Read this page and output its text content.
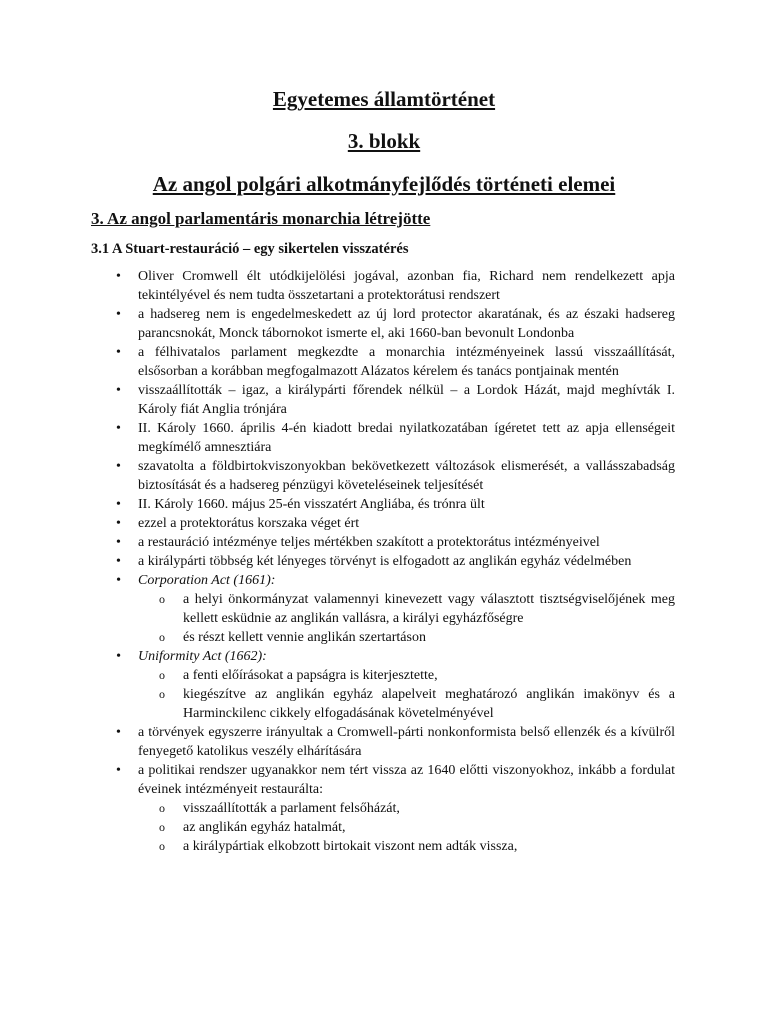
Egyetemes államtörténet
3. blokk
Az angol polgári alkotmányfejlődés történeti elemei
3. Az angol parlamentáris monarchia létrejötte
3.1 A Stuart-restauráció – egy sikertelen visszatérés
• Oliver Cromwell élt utódkijelölési jogával, azonban fia, Richard nem rendelkezett apja tekintélyével és nem tudta összetartani a protektorátusi rendszert
• a hadsereg nem is engedelmeskedett az új lord protector akaratának, és az északi hadsereg parancsnokát, Monck tábornokot ismerte el, aki 1660-ban bevonult Londonba
• a félhivatalos parlament megkezdte a monarchia intézményeinek lassú visszaállítását, elsősorban a korábban megfogalmazott Alázatos kérelem és tanács pontjainak mentén
• visszaállították – igaz, a királypárti főrendek nélkül – a Lordok Házát, majd meghívták I. Károly fiát Anglia trónjára
• II. Károly 1660. április 4-én kiadott bredai nyilatkozatában ígéretet tett az apja ellenségeit megkímélő amnesztiára
• szavatolta a földbirtokviszonyokban bekövetkezett változások elismerését, a vallásszabadság biztosítását és a hadsereg pénzügyi követeléseinek teljesítését
• II. Károly 1660. május 25-én visszatért Angliába, és trónra ült
• ezzel a protektorátus korszaka véget ért
• a restauráció intézménye teljes mértékben szakított a protektorátus intézményeivel
• a királypárti többség két lényeges törvényt is elfogadott az anglikán egyház védelmében
• Corporation Act (1661):
o a helyi önkormányzat valamennyi kinevezett vagy választott tisztségviselőjének meg kellett esküdnie az anglikán vallásra, a királyi egyházfőségre
o és részt kellett vennie anglikán szertartáson
• Uniformity Act (1662):
o a fenti előírásokat a papságra is kiterjesztette,
o kiegészítve az anglikán egyház alapelveit meghatározó anglikán imakönyv és a Harminckilenc cikkely elfogadásának követelményével
• a törvények egyszerre irányultak a Cromwell-párti nonkonformista belső ellenzék és a kívülről fenyegető katolikus veszély elhárítására
• a politikai rendszer ugyanakkor nem tért vissza az 1640 előtti viszonyokhoz, inkább a fordulat éveinek intézményeit restaurálta:
o visszaállították a parlament felsőházát,
o az anglikán egyház hatalmát,
o a királypártiak elkobzott birtokait viszont nem adták vissza,
